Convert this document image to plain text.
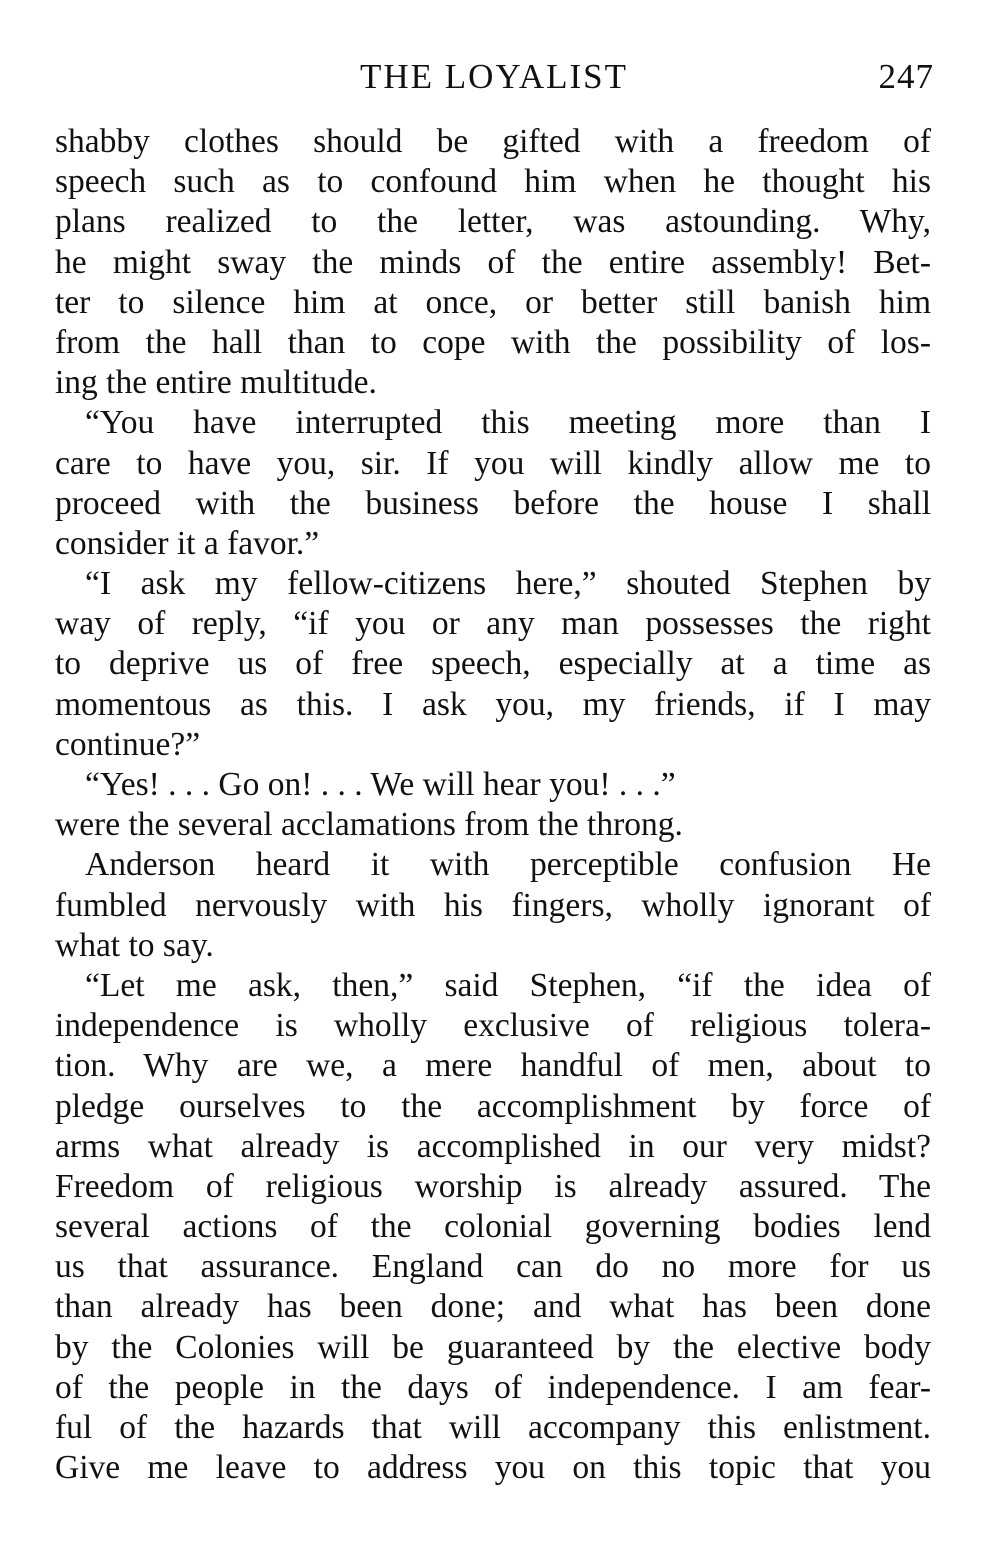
THE LOYALIST	247
shabby clothes should be gifted with a freedom of
speech such as to confound him when he thought his
plans realized to the letter, was astounding. Why,
he might sway the minds of the entire assembly! Bet-
ter to silence him at once, or better still banish him
from the hall than to cope with the possibility of los-
ing the entire multitude.
“You have interrupted this meeting more than I
care to have you, sir. If you will kindly allow me to
proceed with the business before the house I shall
consider it a favor.”
“I ask my fellow-citizens here,” shouted Stephen by
way of reply, “if you or any man possesses the right
to deprive us of free speech, especially at a time as
momentous as this. I ask you, my friends, if I may
continue?”
“Yes! . . . Go on! . . . We will hear you! . . .”
were the several acclamations from the throng.
Anderson heard it with perceptible confusion He
fumbled nervously with his fingers, wholly ignorant of
what to say.
“Let me ask, then,” said Stephen, “if the idea of
independence is wholly exclusive of religious tolera-
tion. Why are we, a mere handful of men, about to
pledge ourselves to the accomplishment by force of
arms what already is accomplished in our very midst?
Freedom of religious worship is already assured. The
several actions of the colonial governing bodies lend
us that assurance. England can do no more for us
than already has been done; and what has been done
by the Colonies will be guaranteed by the elective body
of the people in the days of independence. I am fear-
ful of the hazards that will accompany this enlistment.
Give me leave to address you on this topic that you
